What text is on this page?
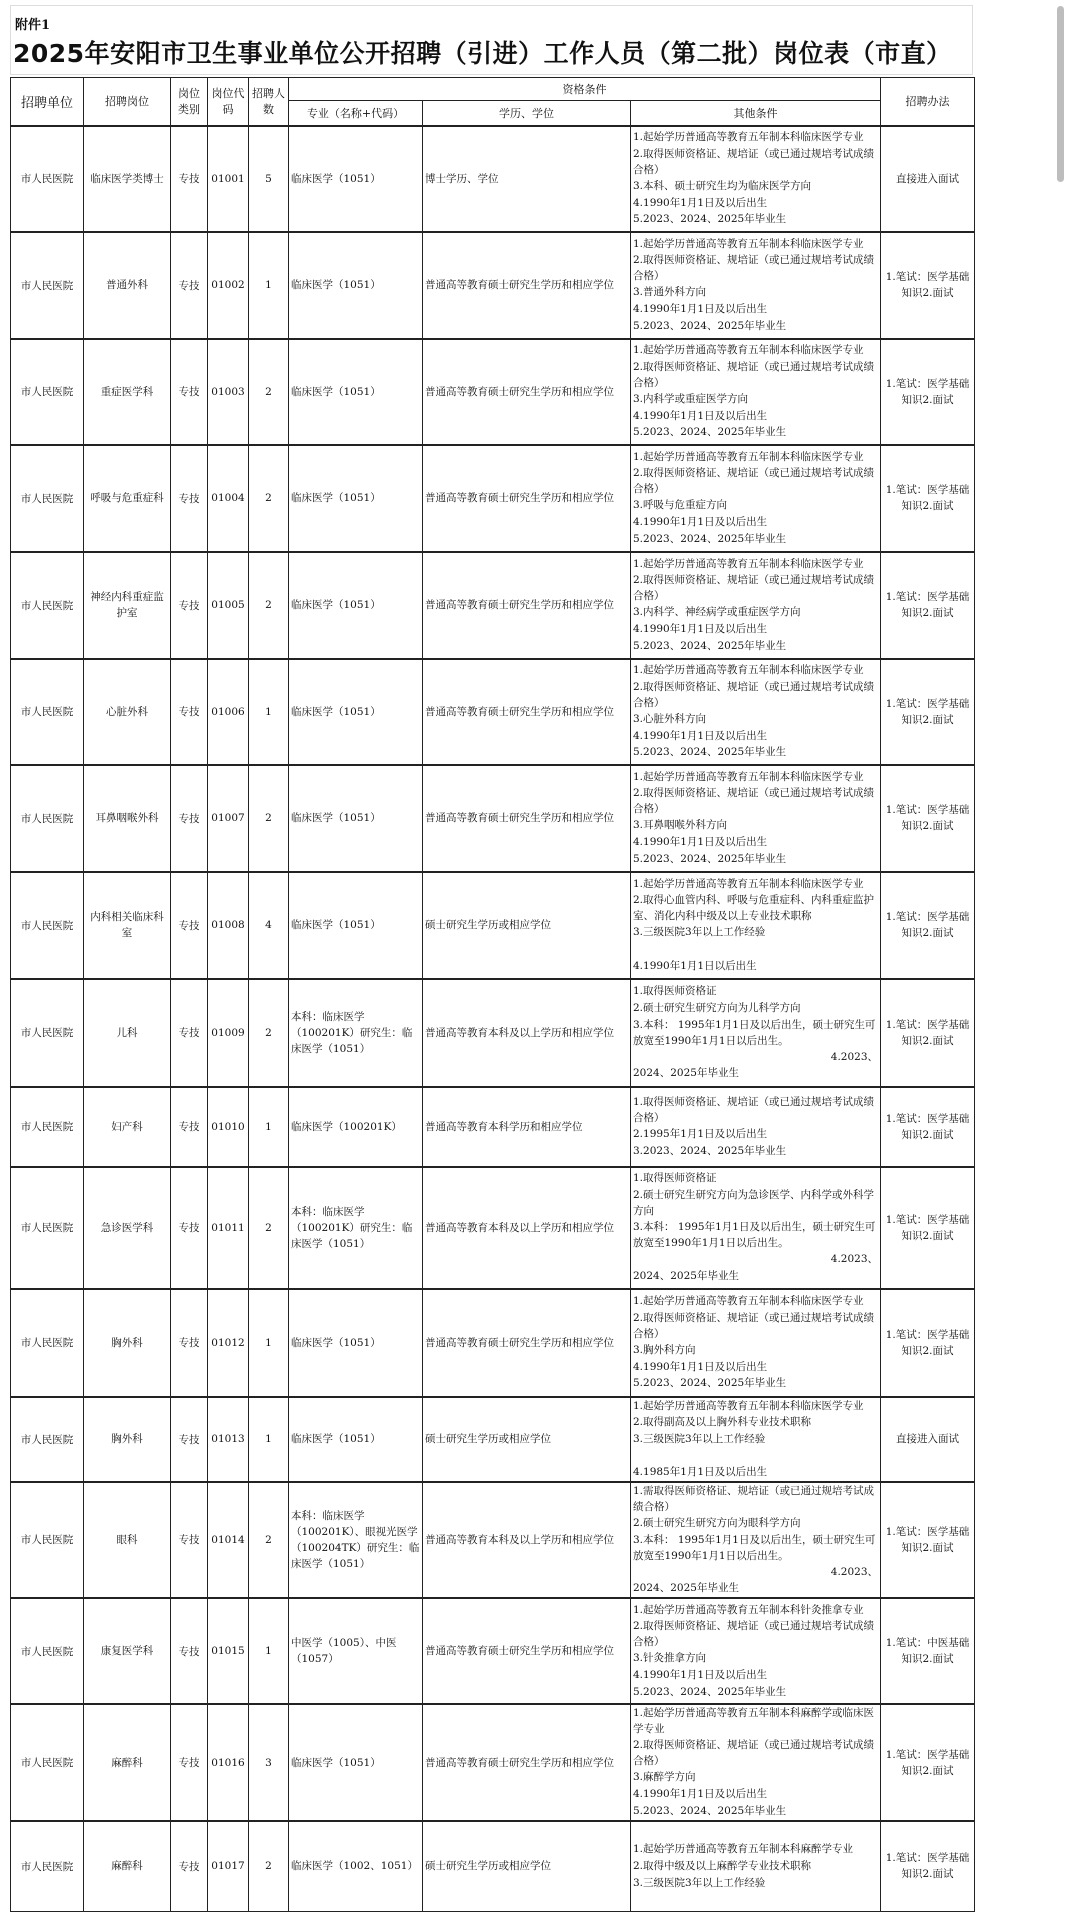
附件1
2025年安阳市卫生事业单位公开招聘（引进）工作人员（第二批）岗位表（市直）
招聘单位	招聘岗位	岗位类别	岗位代码	招聘人数	资格条件			招聘办法
					专业（名称+代码）	学历、学位	其他条件	
市人民医院	临床医学类博士	专技	01001	5	临床医学（1051）	博士学历、学位	1.起始学历普通高等教育五年制本科临床医学专业
2.取得医师资格证、规培证（或已通过规培考试成绩合格）
3.本科、硕士研究生均为临床医学方向
4.1990年1月1日及以后出生
5.2023、2024、2025年毕业生	直接进入面试
市人民医院	普通外科	专技	01002	1	临床医学（1051）	普通高等教育硕士研究生学历和相应学位	1.起始学历普通高等教育五年制本科临床医学专业
2.取得医师资格证、规培证（或已通过规培考试成绩合格）
3.普通外科方向
4.1990年1月1日及以后出生
5.2023、2024、2025年毕业生	1.笔试：医学基础知识2.面试
市人民医院	重症医学科	专技	01003	2	临床医学（1051）	普通高等教育硕士研究生学历和相应学位	1.起始学历普通高等教育五年制本科临床医学专业
2.取得医师资格证、规培证（或已通过规培考试成绩合格）
3.内科学或重症医学方向
4.1990年1月1日及以后出生
5.2023、2024、2025年毕业生	1.笔试：医学基础知识2.面试
市人民医院	呼吸与危重症科	专技	01004	2	临床医学（1051）	普通高等教育硕士研究生学历和相应学位	1.起始学历普通高等教育五年制本科临床医学专业
2.取得医师资格证、规培证（或已通过规培考试成绩合格）
3.呼吸与危重症方向
4.1990年1月1日及以后出生
5.2023、2024、2025年毕业生	1.笔试：医学基础知识2.面试
市人民医院	神经内科重症监护室	专技	01005	2	临床医学（1051）	普通高等教育硕士研究生学历和相应学位	1.起始学历普通高等教育五年制本科临床医学专业
2.取得医师资格证、规培证（或已通过规培考试成绩合格）
3.内科学、神经病学或重症医学方向
4.1990年1月1日及以后出生
5.2023、2024、2025年毕业生	1.笔试：医学基础知识2.面试
市人民医院	心脏外科	专技	01006	1	临床医学（1051）	普通高等教育硕士研究生学历和相应学位	1.起始学历普通高等教育五年制本科临床医学专业
2.取得医师资格证、规培证（或已通过规培考试成绩合格）
3.心脏外科方向
4.1990年1月1日及以后出生
5.2023、2024、2025年毕业生	1.笔试：医学基础知识2.面试
市人民医院	耳鼻咽喉外科	专技	01007	2	临床医学（1051）	普通高等教育硕士研究生学历和相应学位	1.起始学历普通高等教育五年制本科临床医学专业
2.取得医师资格证、规培证（或已通过规培考试成绩合格）
3.耳鼻咽喉外科方向
4.1990年1月1日及以后出生
5.2023、2024、2025年毕业生	1.笔试：医学基础知识2.面试
市人民医院	内科相关临床科室	专技	01008	4	临床医学（1051）	硕士研究生学历或相应学位	1.起始学历普通高等教育五年制本科临床医学专业
2.取得心血管内科、呼吸与危重症科、内科重症监护室、消化内科中级及以上专业技术职称
3.三级医院3年以上工作经验
4.1990年1月1日以后出生	1.笔试：医学基础知识2.面试
市人民医院	儿科	专技	01009	2	本科：临床医学（100201K）研究生：临床医学（1051）	普通高等教育本科及以上学历和相应学位	1.取得医师资格证
2.硕士研究生研究方向为儿科学方向
3.本科： 1995年1月1日及以后出生，硕士研究生可放宽至1990年1月1日以后出生。
4.2023、
2024、2025年毕业生	1.笔试：医学基础知识2.面试
市人民医院	妇产科	专技	01010	1	临床医学（100201K）	普通高等教育本科学历和相应学位	1.取得医师资格证、规培证（或已通过规培考试成绩合格）
2.1995年1月1日及以后出生
3.2023、2024、2025年毕业生	1.笔试：医学基础知识2.面试
市人民医院	急诊医学科	专技	01011	2	本科：临床医学（100201K）研究生：临床医学（1051）	普通高等教育本科及以上学历和相应学位	1.取得医师资格证
2.硕士研究生研究方向为急诊医学、内科学或外科学方向
3.本科： 1995年1月1日及以后出生，硕士研究生可放宽至1990年1月1日以后出生。
4.2023、
2024、2025年毕业生	1.笔试：医学基础知识2.面试
市人民医院	胸外科	专技	01012	1	临床医学（1051）	普通高等教育硕士研究生学历和相应学位	1.起始学历普通高等教育五年制本科临床医学专业
2.取得医师资格证、规培证（或已通过规培考试成绩合格）
3.胸外科方向
4.1990年1月1日及以后出生
5.2023、2024、2025年毕业生	1.笔试：医学基础知识2.面试
市人民医院	胸外科	专技	01013	1	临床医学（1051）	硕士研究生学历或相应学位	1.起始学历普通高等教育五年制本科临床医学专业
2.取得副高及以上胸外科专业技术职称
3.三级医院3年以上工作经验
4.1985年1月1日及以后出生	直接进入面试
市人民医院	眼科	专技	01014	2	本科：临床医学（100201K）、眼视光医学（100204TK）研究生：临床医学（1051）	普通高等教育本科及以上学历和相应学位	1.需取得医师资格证、规培证（或已通过规培考试成绩合格）
2.硕士研究生研究方向为眼科学方向
3.本科： 1995年1月1日及以后出生，硕士研究生可放宽至1990年1月1日以后出生。
4.2023、
2024、2025年毕业生	1.笔试：医学基础知识2.面试
市人民医院	康复医学科	专技	01015	1	中医学（1005）、中医（1057）	普通高等教育硕士研究生学历和相应学位	1.起始学历普通高等教育五年制本科针灸推拿专业
2.取得医师资格证、规培证（或已通过规培考试成绩合格）
3.针灸推拿方向
4.1990年1月1日及以后出生
5.2023、2024、2025年毕业生	1.笔试：中医基础知识2.面试
市人民医院	麻醉科	专技	01016	3	临床医学（1051）	普通高等教育硕士研究生学历和相应学位	1.起始学历普通高等教育五年制本科麻醉学或临床医学专业
2.取得医师资格证、规培证（或已通过规培考试成绩合格）
3.麻醉学方向
4.1990年1月1日及以后出生
5.2023、2024、2025年毕业生	1.笔试：医学基础知识2.面试
市人民医院	麻醉科	专技	01017	2	临床医学（1002、1051）	硕士研究生学历或相应学位	1.起始学历普通高等教育五年制本科麻醉学专业
2.取得中级及以上麻醉学专业技术职称
3.三级医院3年以上工作经验	1.笔试：医学基础知识2.面试
